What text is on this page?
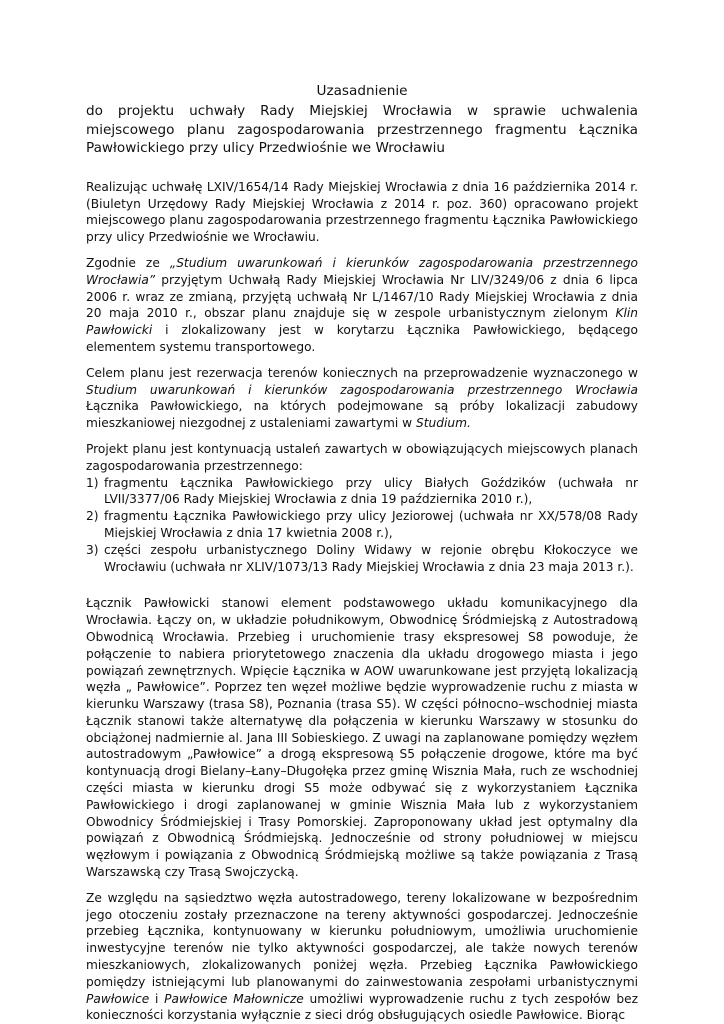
Uzasadnienie
do projektu uchwały Rady Miejskiej Wrocławia w sprawie uchwalenia miejscowego planu zagospodarowania przestrzennego fragmentu Łącznika Pawłowickiego przy ulicy Przedwiośnie we Wrocławiu

Realizując uchwałę LXIV/1654/14 Rady Miejskiej Wrocławia z dnia 16 października 2014 r. (Biuletyn Urzędowy Rady Miejskiej Wrocławia z 2014 r. poz. 360) opracowano projekt miejscowego planu zagospodarowania przestrzennego fragmentu Łącznika Pawłowickiego przy ulicy Przedwiośnie we Wrocławiu.

Zgodnie ze „Studium uwarunkowań i kierunków zagospodarowania przestrzennego Wrocławia” przyjętym Uchwałą Rady Miejskiej Wrocławia Nr LIV/3249/06 z dnia 6 lipca 2006 r. wraz ze zmianą, przyjętą uchwałą Nr L/1467/10 Rady Miejskiej Wrocławia z dnia 20 maja 2010 r., obszar planu znajduje się w zespole urbanistycznym zielonym Klin Pawłowicki i zlokalizowany jest w korytarzu Łącznika Pawłowickiego, będącego elementem systemu transportowego.

Celem planu jest rezerwacja terenów koniecznych na przeprowadzenie wyznaczonego w Studium uwarunkowań i kierunków zagospodarowania przestrzennego Wrocławia Łącznika Pawłowickiego, na których podejmowane są próby lokalizacji zabudowy mieszkaniowej niezgodnej z ustaleniami zawartymi w Studium.

Projekt planu jest kontynuacją ustaleń zawartych w obowiązujących miejscowych planach zagospodarowania przestrzennego:

1) fragmentu Łącznika Pawłowickiego przy ulicy Białych Goździków (uchwała nr LVII/3377/06 Rady Miejskiej Wrocławia z dnia 19 października 2010 r.),
2) fragmentu Łącznika Pawłowickiego przy ulicy Jeziorowej (uchwała nr XX/578/08 Rady Miejskiej Wrocławia z dnia 17 kwietnia 2008 r.),
3) części zespołu urbanistycznego Doliny Widawy w rejonie obrębu Kłokoczyce we Wrocławiu (uchwała nr XLIV/1073/13 Rady Miejskiej Wrocławia z dnia 23 maja 2013 r.).

Łącznik Pawłowicki stanowi element podstawowego układu komunikacyjnego dla Wrocławia. Łączy on, w układzie południkowym, Obwodnicę Śródmiejską z Autostradową Obwodnicą Wrocławia. Przebieg i uruchomienie trasy ekspresowej S8 powoduje, że połączenie to nabiera priorytetowego znaczenia dla układu drogowego miasta i jego powiązań zewnętrznych. Wpięcie Łącznika w AOW uwarunkowane jest przyjętą lokalizacją węzła „ Pawłowice”. Poprzez ten węzeł możliwe będzie wyprowadzenie ruchu z miasta w kierunku Warszawy (trasa S8), Poznania (trasa S5). W części północno–wschodniej miasta Łącznik stanowi także alternatywę dla połączenia w kierunku Warszawy w stosunku do obciążonej nadmiernie al. Jana III Sobieskiego. Z uwagi na zaplanowane pomiędzy węzłem autostradowym „Pawłowice” a drogą ekspresową S5 połączenie drogowe, które ma być kontynuacją drogi Bielany–Łany–Długołęka przez gminę Wisznia Mała, ruch ze wschodniej części miasta w kierunku drogi S5 może odbywać się z wykorzystaniem Łącznika Pawłowickiego i drogi zaplanowanej w gminie Wisznia Mała lub z wykorzystaniem Obwodnicy Śródmiejskiej i Trasy Pomorskiej. Zaproponowany układ jest optymalny dla powiązań z Obwodnicą Śródmiejską. Jednocześnie od strony południowej w miejscu węzłowym i powiązania z Obwodnicą Śródmiejską możliwe są także powiązania z Trasą Warszawską czy Trasą Swojczycką.

Ze względu na sąsiedztwo węzła autostradowego, tereny lokalizowane w bezpośrednim jego otoczeniu zostały przeznaczone na tereny aktywności gospodarczej. Jednocześnie przebieg Łącznika, kontynuowany w kierunku południowym, umożliwia uruchomienie inwestycyjne terenów nie tylko aktywności gospodarczej, ale także nowych terenów mieszkaniowych, zlokalizowanych poniżej węzła. Przebieg Łącznika Pawłowickiego pomiędzy istniejącymi lub planowanymi do zainwestowania zespołami urbanistycznymi Pawłowice i Pawłowice Małownicze umożliwi wyprowadzenie ruchu z tych zespołów bez konieczności korzystania wyłącznie z sieci dróg obsługujących osiedle Pawłowice. Biorąc
